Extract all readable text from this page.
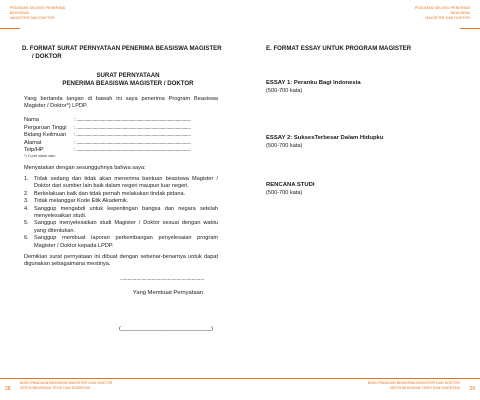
PEDOMAN SELEKSI PENERIMA
BEASISWA
MAGISTER DAN DOKTOR
D. FORMAT SURAT PERNYATAAN PENERIMA BEASISWA MAGISTER
/ DOKTOR
SURAT PERNYATAAN
PENERIMA BEASISWA MAGISTER / DOKTOR
Yang bertanda tangan di bawah ini saya penerima Program Beasiswa Magister / Doktor*) LPDP.
Nama
Perguruan Tinggi
Bidang Keilmuan
Alamat
Telp/HP
: ...................................................................................................
: ...................................................................................................
: ...................................................................................................
: ...................................................................................................
: ...................................................................................................
*) Coret salah satu
Menyatakan dengan sesungguhnya bahwa saya:
1. Tidak sedang dan tidak akan menerima bantuan beasiswa Magister / Doktor dari sumber lain baik dalam negeri maupun luar negeri.
2. Berkelakuan baik dan tidak pernah melakukan tindak pidana.
3. Tidak melanggar Kode Etik Akademik.
4. Sanggup mengabdi untuk kepentingan bangsa dan negara setelah menyelesaikan studi.
5. Sanggup menyelesaikan studi Magister / Doktor sesuai dengan waktu yang ditentukan.
6. Sanggup membuat laporan perkembangan penyelesaian program Magister / Doktor kepada LPDP.
Demikian surat pernyataan ini dibuat dengan sebenar-benarnya untuk dapat digunakan sebagaimana mestinya.
...................................................................
Yang Membuat Pernyataan
(_____________________________)
BUKU PANDUAN BEASISWA MAGISTER DAN DOKTOR
SERTA BEASISWA TESIS DAN DISERTASI
28
PEDOMAN SELEKSI PENERIMA
BEASISWA
MAGISTER DAN DOKTOR
E. FORMAT ESSAY UNTUK PROGRAM MAGISTER
ESSAY 1: Peranku Bagi Indonesia
(500-700 kata)
ESSAY 2: SuksesTerbesar Dalam Hidupku
(500-700 kata)
RENCANA STUDI
(500-700 kata)
BUKU PANDUAN BEASISWA MAGISTER DAN DOKTOR
SERTA BEASISWA TESIS DAN DISERTASI 29
